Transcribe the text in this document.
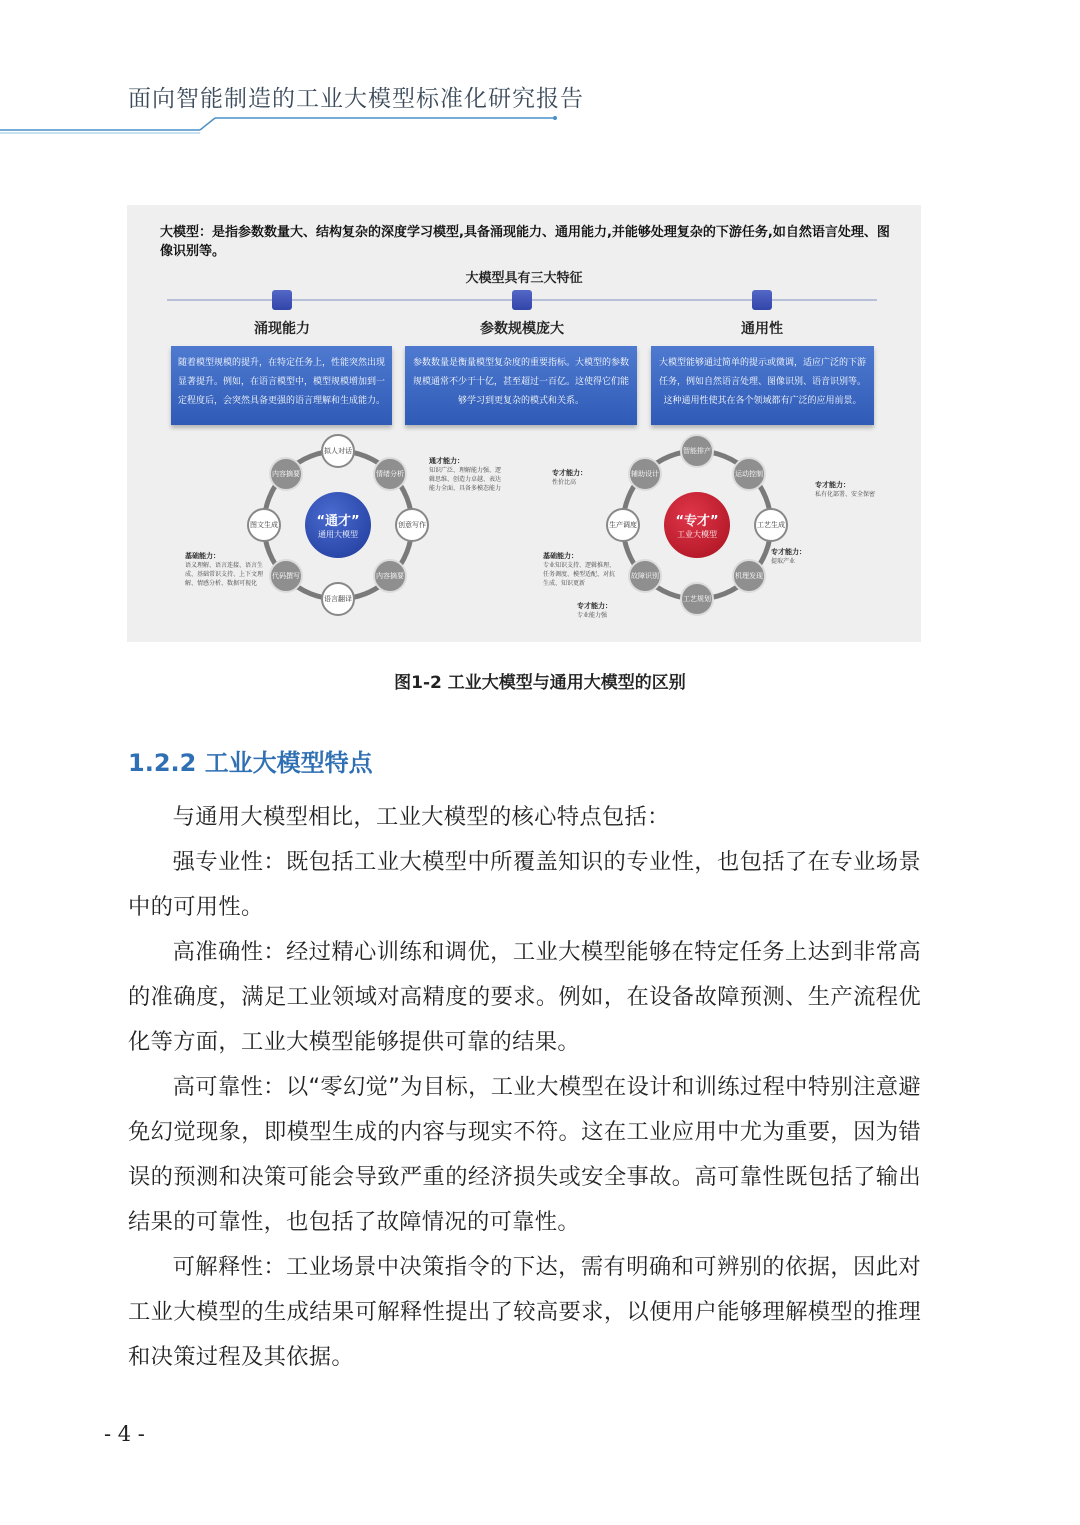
面向智能制造的工业大模型标准化研究报告
大模型：是指参数数量大、结构复杂的深度学习模型,具备涌现能力、通用能力,并能够处理复杂的下游任务,如自然语言处理、图像识别等。
大模型具有三大特征
涌现能力	参数规模庞大	通用性
随着模型规模的提升，在特定任务上，性能突然出现显著提升。例如，在语言模型中，模型规模增加到一定程度后，会突然具备更强的语言理解和生成能力。
参数数量是衡量模型复杂度的重要指标。大模型的参数规模通常不少于十亿，甚至超过一百亿。这使得它们能够学习到更复杂的模式和关系。
大模型能够通过简单的提示或微调，适应广泛的下游任务，例如自然语言处理、图像识别、语音识别等。这种通用性使其在各个领域都有广泛的应用前景。
“通才”
通用大模型
拟人对话
情绪分析
创意写作
内容摘要
语言翻译
代码撰写
图文生成
内容摘要
通才能力：
知识广泛、理解能力强、逻辑思维、创造力卓越、表达能力全面、具备多模态能力
基础能力：
语义理解、语言连接、语言生成、基础常识支持、上下文理解、情感分析、数据可视化
“专才”
工业大模型
智能排产
运动控制
工艺生成
机理发现
工艺规划
故障识别
生产调度
辅助设计
专才能力：
性价比高	专才能力：
私有化部署、安全保密
专才能力：
提取产业
基础能力：
专业知识支持、逻辑推理、任务调度、模型适配、对抗生成、知识更新
专才能力：
专业能力强
图1-2 工业大模型与通用大模型的区别
1.2.2 工业大模型特点

与通用大模型相比，工业大模型的核心特点包括：

强专业性：既包括工业大模型中所覆盖知识的专业性，也包括了在专业场景中的可用性。

高准确性：经过精心训练和调优，工业大模型能够在特定任务上达到非常高的准确度，满足工业领域对高精度的要求。例如，在设备故障预测、生产流程优化等方面，工业大模型能够提供可靠的结果。

高可靠性：以“零幻觉”为目标，工业大模型在设计和训练过程中特别注意避免幻觉现象，即模型生成的内容与现实不符。这在工业应用中尤为重要，因为错误的预测和决策可能会导致严重的经济损失或安全事故。高可靠性既包括了输出结果的可靠性，也包括了故障情况的可靠性。

可解释性：工业场景中决策指令的下达，需有明确和可辨别的依据，因此对工业大模型的生成结果可解释性提出了较高要求，以便用户能够理解模型的推理和决策过程及其依据。

- 4 -
